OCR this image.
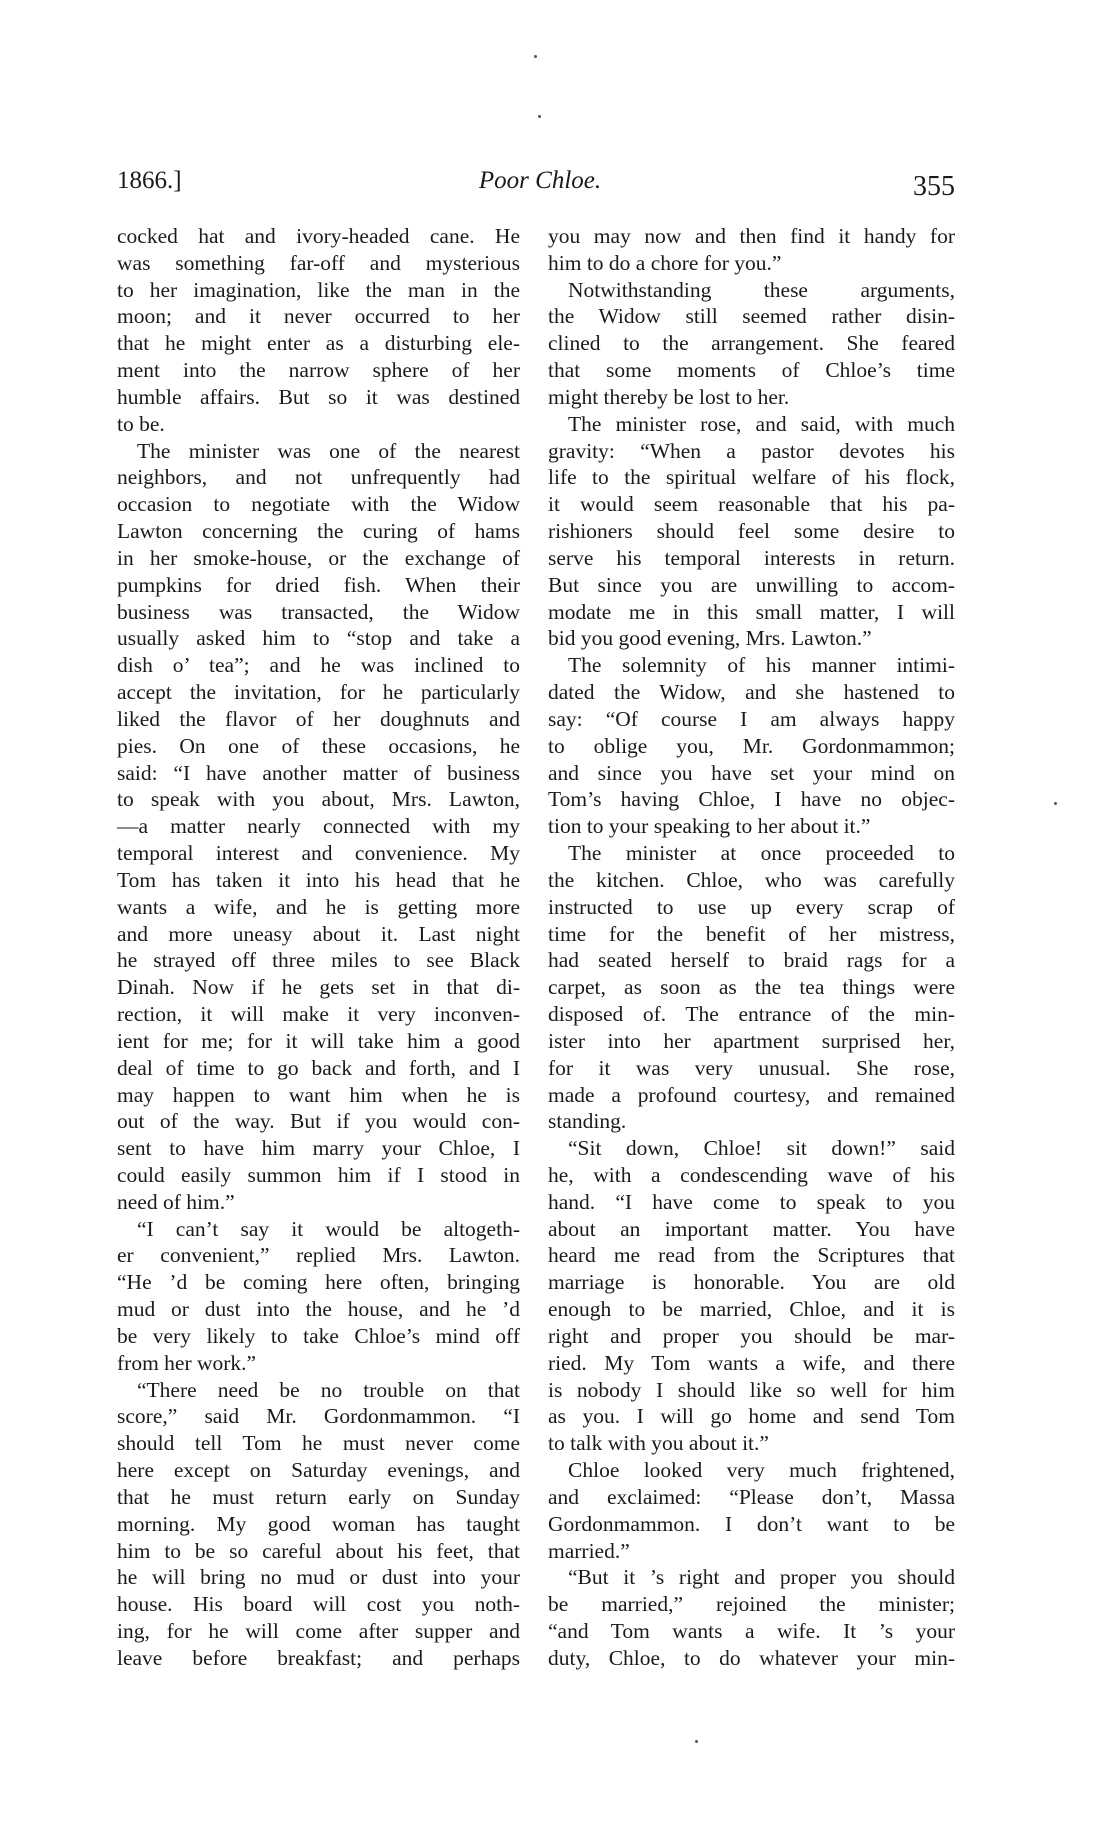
1866.]	Poor Chloe.	355
cocked hat and ivory-headed cane. He
was something far-off and mysterious
to her imagination, like the man in the
moon; and it never occurred to her
that he might enter as a disturbing ele-
ment into the narrow sphere of her
humble affairs. But so it was destined
to be.
The minister was one of the nearest
neighbors, and not unfrequently had
occasion to negotiate with the Widow
Lawton concerning the curing of hams
in her smoke-house, or the exchange of
pumpkins for dried fish. When their
business was transacted, the Widow
usually asked him to “stop and take a
dish o’ tea”; and he was inclined to
accept the invitation, for he particularly
liked the flavor of her doughnuts and
pies. On one of these occasions, he
said: “I have another matter of business
to speak with you about, Mrs. Lawton,
—a matter nearly connected with my
temporal interest and convenience. My
Tom has taken it into his head that he
wants a wife, and he is getting more
and more uneasy about it. Last night
he strayed off three miles to see Black
Dinah. Now if he gets set in that di-
rection, it will make it very inconven-
ient for me; for it will take him a good
deal of time to go back and forth, and I
may happen to want him when he is
out of the way. But if you would con-
sent to have him marry your Chloe, I
could easily summon him if I stood in
need of him.”
“I can’t say it would be altogeth-
er convenient,” replied Mrs. Lawton.
“He ’d be coming here often, bringing
mud or dust into the house, and he ’d
be very likely to take Chloe’s mind off
from her work.”
“There need be no trouble on that
score,” said Mr. Gordonmammon. “I
should tell Tom he must never come
here except on Saturday evenings, and
that he must return early on Sunday
morning. My good woman has taught
him to be so careful about his feet, that
he will bring no mud or dust into your
house. His board will cost you noth-
ing, for he will come after supper and
leave before breakfast; and perhaps
you may now and then find it handy for
him to do a chore for you.”
Notwithstanding these arguments,
the Widow still seemed rather disin-
clined to the arrangement. She feared
that some moments of Chloe’s time
might thereby be lost to her.
The minister rose, and said, with much
gravity: “When a pastor devotes his
life to the spiritual welfare of his flock,
it would seem reasonable that his pa-
rishioners should feel some desire to
serve his temporal interests in return.
But since you are unwilling to accom-
modate me in this small matter, I will
bid you good evening, Mrs. Lawton.”
The solemnity of his manner intimi-
dated the Widow, and she hastened to
say: “Of course I am always happy
to oblige you, Mr. Gordonmammon;
and since you have set your mind on
Tom’s having Chloe, I have no objec-
tion to your speaking to her about it.”
The minister at once proceeded to
the kitchen. Chloe, who was carefully
instructed to use up every scrap of
time for the benefit of her mistress,
had seated herself to braid rags for a
carpet, as soon as the tea things were
disposed of. The entrance of the min-
ister into her apartment surprised her,
for it was very unusual. She rose,
made a profound courtesy, and remained
standing.
“Sit down, Chloe! sit down!” said
he, with a condescending wave of his
hand. “I have come to speak to you
about an important matter. You have
heard me read from the Scriptures that
marriage is honorable. You are old
enough to be married, Chloe, and it is
right and proper you should be mar-
ried. My Tom wants a wife, and there
is nobody I should like so well for him
as you. I will go home and send Tom
to talk with you about it.”
Chloe looked very much frightened,
and exclaimed: “Please don’t, Massa
Gordonmammon. I don’t want to be
married.”
“But it ’s right and proper you should
be married,” rejoined the minister;
“and Tom wants a wife. It ’s your
duty, Chloe, to do whatever your min-
